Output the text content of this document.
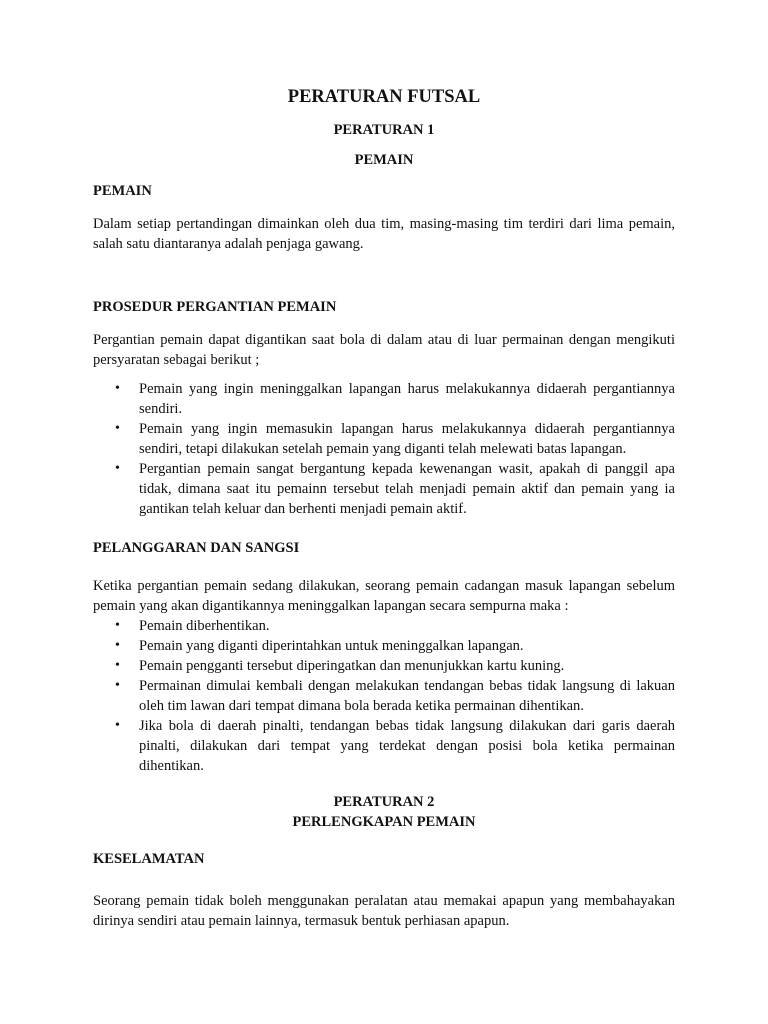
PERATURAN FUTSAL
PERATURAN 1
PEMAIN
PEMAIN
Dalam setiap pertandingan dimainkan oleh dua tim, masing-masing tim terdiri dari lima pemain, salah satu diantaranya adalah penjaga gawang.
PROSEDUR PERGANTIAN PEMAIN
Pergantian pemain dapat digantikan saat bola di dalam atau di luar permainan dengan mengikuti persyaratan sebagai berikut ;
• Pemain yang ingin meninggalkan lapangan harus melakukannya didaerah pergantiannya sendiri.
• Pemain yang ingin memasukin lapangan harus melakukannya didaerah pergantiannya sendiri, tetapi dilakukan setelah pemain yang diganti telah melewati batas lapangan.
• Pergantian pemain sangat bergantung kepada kewenangan wasit, apakah di panggil apa tidak, dimana saat itu pemainn tersebut telah menjadi pemain aktif dan pemain yang ia gantikan telah keluar dan berhenti menjadi pemain aktif.
PELANGGARAN DAN SANGSI
Ketika pergantian pemain sedang dilakukan, seorang pemain cadangan masuk lapangan sebelum pemain yang akan digantikannya meninggalkan lapangan secara sempurna maka :
• Pemain diberhentikan.
• Pemain yang diganti diperintahkan untuk meninggalkan lapangan.
• Pemain pengganti tersebut diperingatkan dan menunjukkan kartu kuning.
• Permainan dimulai kembali dengan melakukan tendangan bebas tidak langsung di lakuan oleh tim lawan dari tempat dimana bola berada ketika permainan dihentikan.
• Jika bola di daerah pinalti, tendangan bebas tidak langsung dilakukan dari garis daerah pinalti, dilakukan dari tempat yang terdekat dengan posisi bola ketika permainan dihentikan.
PERATURAN 2
PERLENGKAPAN PEMAIN
KESELAMATAN
Seorang pemain tidak boleh menggunakan peralatan atau memakai apapun yang membahayakan dirinya sendiri atau pemain lainnya, termasuk bentuk perhiasan apapun.
